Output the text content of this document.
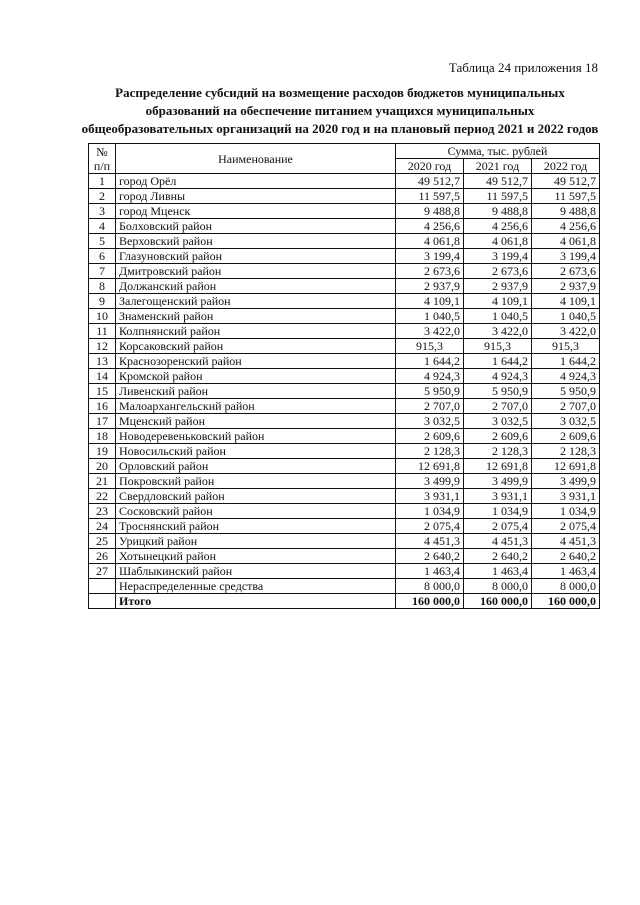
Таблица 24 приложения 18
Распределение субсидий на возмещение расходов бюджетов муниципальных
образований на обеспечение питанием учащихся муниципальных
общеобразовательных организаций на 2020 год и на плановый период 2021 и 2022 годов
№ п/п	Наименование	Сумма, тыс. рублей		
		2020 год	2021 год	2022 год
1	город Орёл	49 512,7	49 512,7	49 512,7
2	город Ливны	11 597,5	11 597,5	11 597,5
3	город Мценск	9 488,8	9 488,8	9 488,8
4	Болховский район	4 256,6	4 256,6	4 256,6
5	Верховский район	4 061,8	4 061,8	4 061,8
6	Глазуновский район	3 199,4	3 199,4	3 199,4
7	Дмитровский район	2 673,6	2 673,6	2 673,6
8	Должанский район	2 937,9	2 937,9	2 937,9
9	Залегощенский район	4 109,1	4 109,1	4 109,1
10	Знаменский район	1 040,5	1 040,5	1 040,5
11	Колпнянский район	3 422,0	3 422,0	3 422,0
12	Корсаковский район	915,3	915,3	915,3
13	Краснозоренский район	1 644,2	1 644,2	1 644,2
14	Кромской район	4 924,3	4 924,3	4 924,3
15	Ливенский район	5 950,9	5 950,9	5 950,9
16	Малоархангельский район	2 707,0	2 707,0	2 707,0
17	Мценский район	3 032,5	3 032,5	3 032,5
18	Новодеревеньковский район	2 609,6	2 609,6	2 609,6
19	Новосильский район	2 128,3	2 128,3	2 128,3
20	Орловский район	12 691,8	12 691,8	12 691,8
21	Покровский район	3 499,9	3 499,9	3 499,9
22	Свердловский район	3 931,1	3 931,1	3 931,1
23	Сосковский район	1 034,9	1 034,9	1 034,9
24	Троснянский район	2 075,4	2 075,4	2 075,4
25	Урицкий район	4 451,3	4 451,3	4 451,3
26	Хотынецкий район	2 640,2	2 640,2	2 640,2
27	Шаблыкинский район	1 463,4	1 463,4	1 463,4
	Нераспределенные средства	8 000,0	8 000,0	8 000,0
	Итого	160 000,0	160 000,0	160 000,0
